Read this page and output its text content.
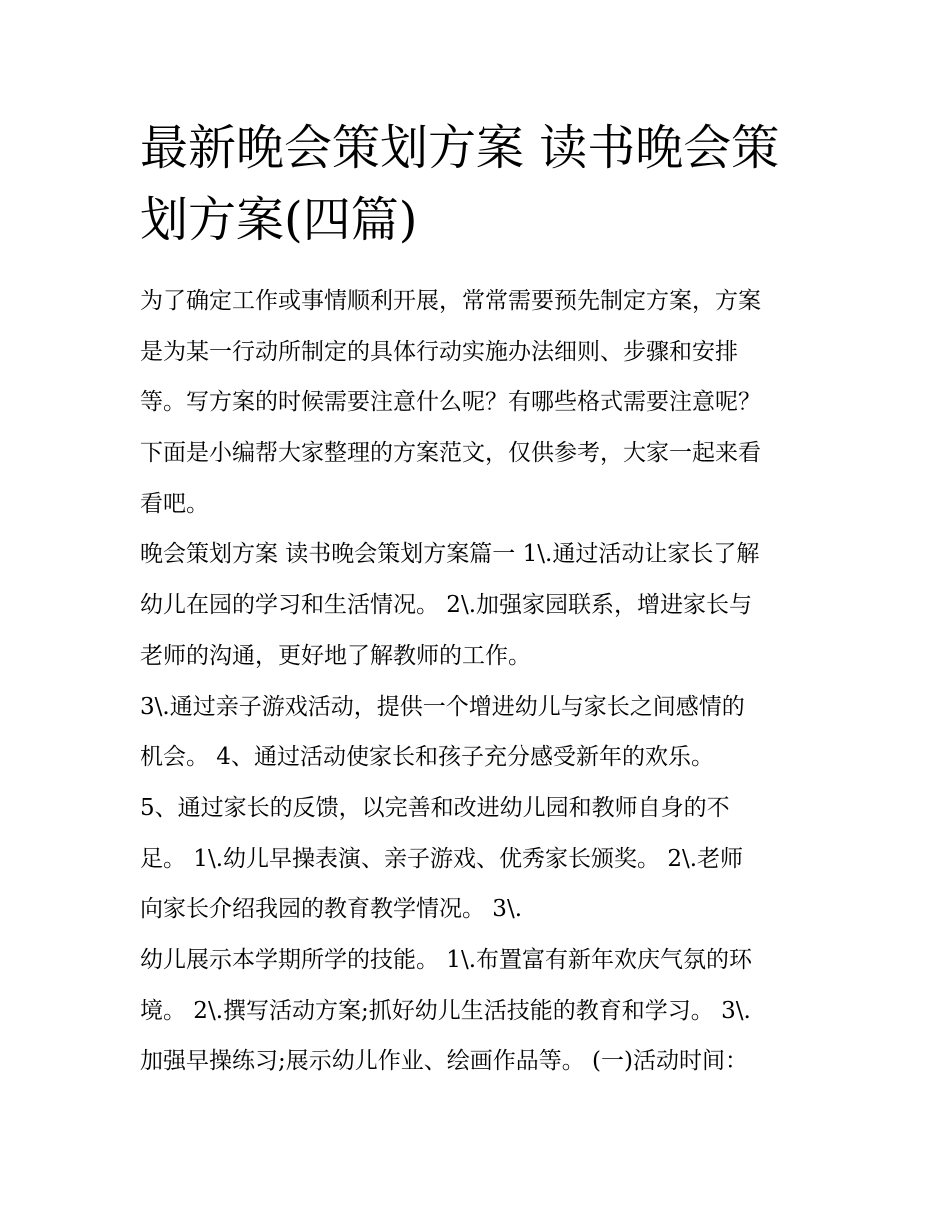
最新晚会策划方案 读书晚会策
划方案(四篇)
为了确定工作或事情顺利开展，常常需要预先制定方案，方案
是为某一行动所制定的具体行动实施办法细则、步骤和安排
等。写方案的时候需要注意什么呢？有哪些格式需要注意呢？
下面是小编帮大家整理的方案范文，仅供参考，大家一起来看
看吧。
晚会策划方案 读书晚会策划方案篇一 1\.通过活动让家长了解
幼儿在园的学习和生活情况。 2\.加强家园联系，增进家长与
老师的沟通，更好地了解教师的工作。
3\.通过亲子游戏活动，提供一个增进幼儿与家长之间感情的
机会。 4、通过活动使家长和孩子充分感受新年的欢乐。
5、通过家长的反馈，以完善和改进幼儿园和教师自身的不
足。 1\.幼儿早操表演、亲子游戏、优秀家长颁奖。 2\.老师
向家长介绍我园的教育教学情况。 3\.
幼儿展示本学期所学的技能。 1\.布置富有新年欢庆气氛的环
境。 2\.撰写活动方案;抓好幼儿生活技能的教育和学习。 3\.
加强早操练习;展示幼儿作业、绘画作品等。 (一)活动时间：
